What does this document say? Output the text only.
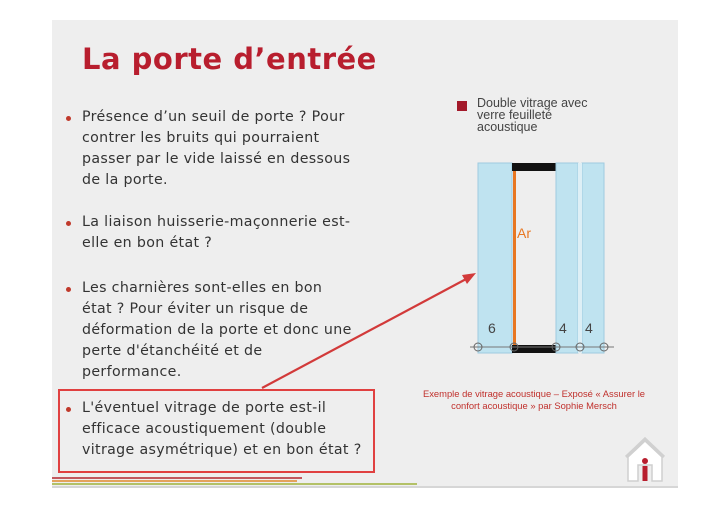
La porte d’entrée
Présence d’un seuil de porte ? Pour
contrer les bruits qui pourraient
passer par le vide laissé en dessous
de la porte.
La liaison huisserie-maçonnerie est-
elle en bon état ?
Les charnières sont-elles en bon
état ? Pour éviter un risque de
déformation de la porte et donc une
perte d'étanchéité et de
performance.
L'éventuel vitrage de porte est-il
efficace acoustiquement (double
vitrage asymétrique) et en bon état ?
Double vitrage avec
verre feuilleté
acoustique
Ar
6	4 4
Exemple de vitrage acoustique – Exposé « Assurer le
confort acoustique » par Sophie Mersch
